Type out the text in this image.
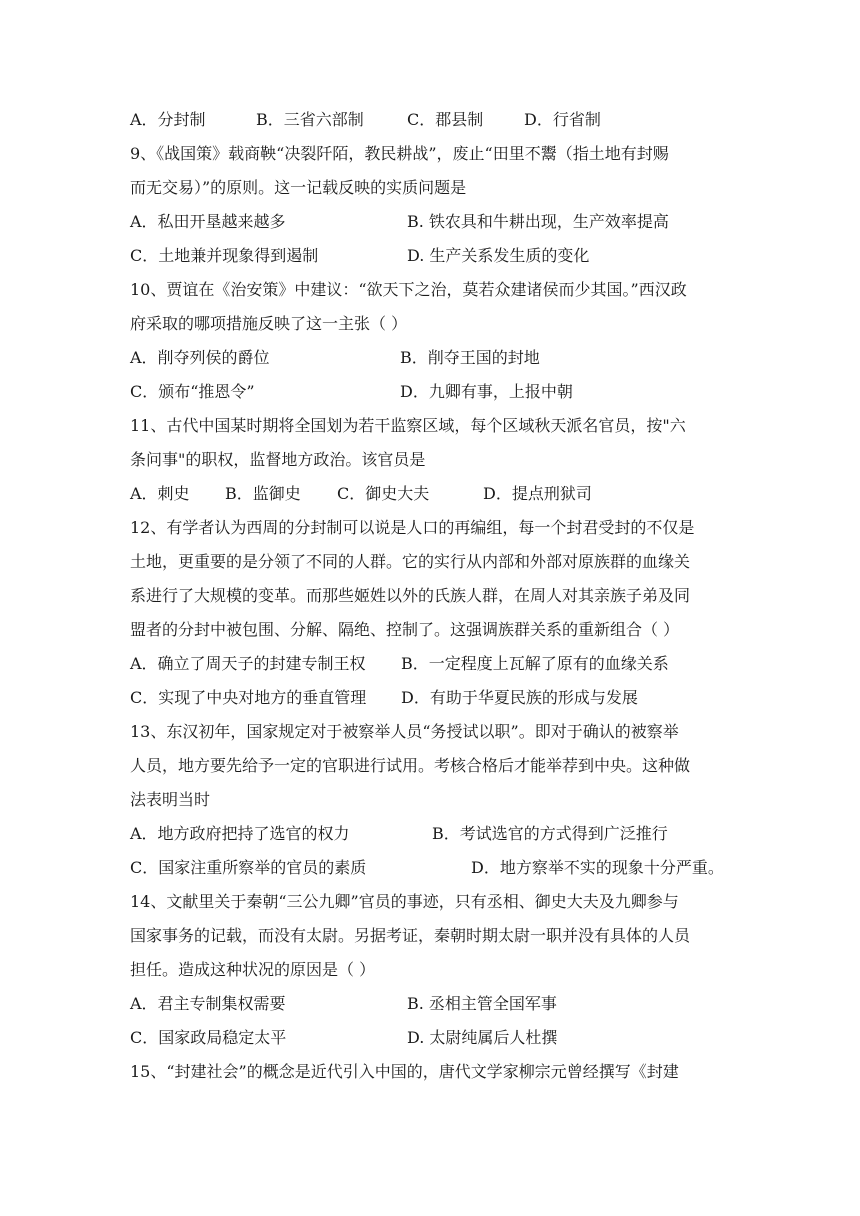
A．分封制	B．三省六部制	C．郡县制	D．行省制
9、《战国策》载商鞅“决裂阡陌，教民耕战”，废止“田里不鬻（指土地有封赐
而无交易）”的原则。这一记载反映的实质问题是
A．私田开垦越来越多	B. 铁农具和牛耕出现，生产效率提高
C．土地兼并现象得到遏制	D. 生产关系发生质的变化
10、贾谊在《治安策》中建议：“欲天下之治，莫若众建诸侯而少其国。”西汉政
府采取的哪项措施反映了这一主张（ ）
A．削夺列侯的爵位	B．削夺王国的封地
C．颁布“推恩令”	D．九卿有事，上报中朝
11、古代中国某时期将全国划为若干监察区域，每个区域秋天派名官员，按"六
条问事"的职权，监督地方政治。该官员是
A．刺史 B．监御史 C．御史大夫	D．提点刑狱司
12、有学者认为西周的分封制可以说是人口的再编组，每一个封君受封的不仅是
土地，更重要的是分领了不同的人群。它的实行从内部和外部对原族群的血缘关
系进行了大规模的变革。而那些姬姓以外的氏族人群，在周人对其亲族子弟及同
盟者的分封中被包围、分解、隔绝、控制了。这强调族群关系的重新组合（ ）
A．确立了周天子的封建专制王权 B．一定程度上瓦解了原有的血缘关系
C．实现了中央对地方的垂直管理 D．有助于华夏民族的形成与发展
13、东汉初年，国家规定对于被察举人员“务授试以职”。即对于确认的被察举
人员，地方要先给予一定的官职进行试用。考核合格后才能举荐到中央。这种做
法表明当时
A．地方政府把持了选官的权力	B．考试选官的方式得到广泛推行
C．国家注重所察举的官员的素质	D．地方察举不实的现象十分严重。
14、文献里关于秦朝“三公九卿”官员的事迹，只有丞相、御史大夫及九卿参与
国家事务的记载，而没有太尉。另据考证，秦朝时期太尉一职并没有具体的人员
担任。造成这种状况的原因是（ ）
A．君主专制集权需要	B. 丞相主管全国军事
C．国家政局稳定太平	D. 太尉纯属后人杜撰
15、“封建社会”的概念是近代引入中国的，唐代文学家柳宗元曾经撰写《封建
